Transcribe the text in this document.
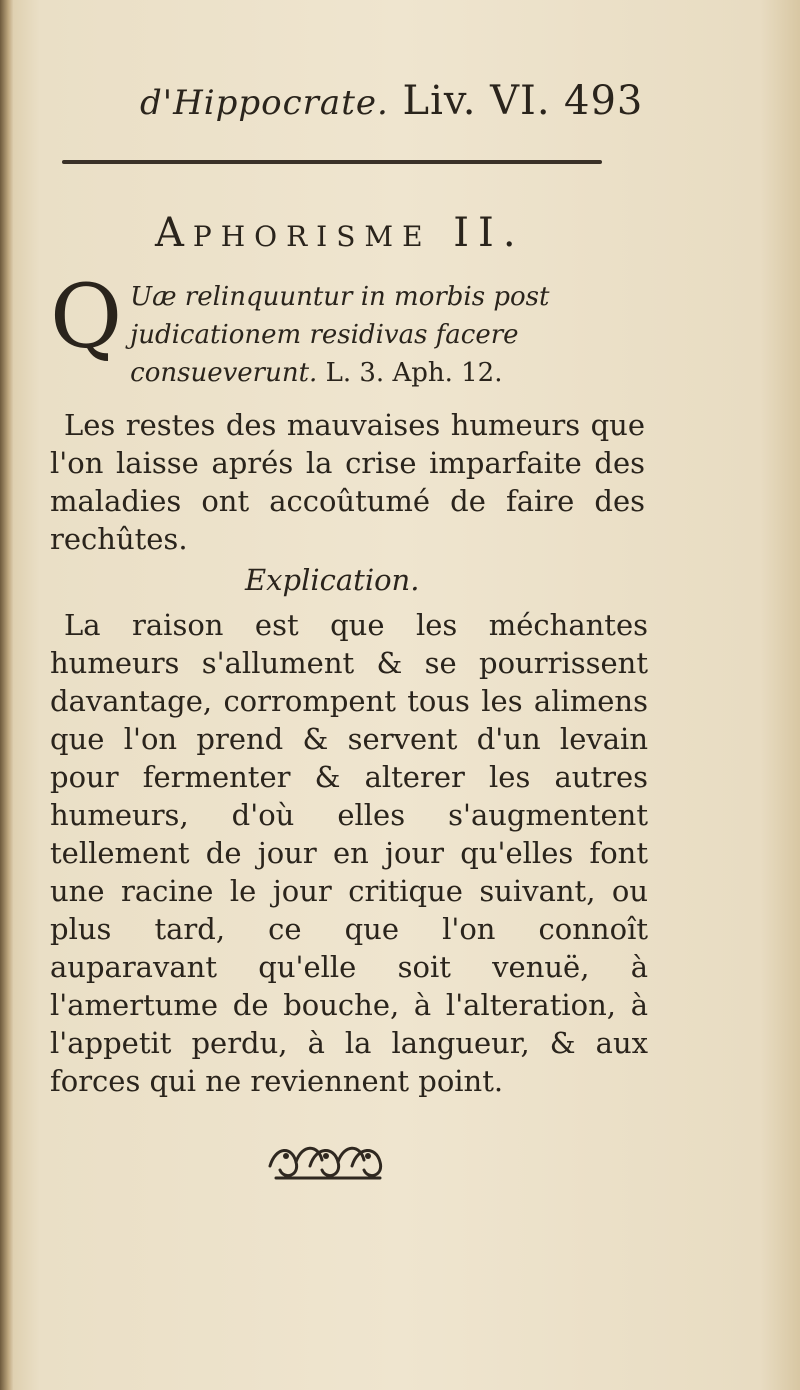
d'Hippocrate. Liv. VI. 493
Aphorisme II.
Q Uæ relinquuntur in morbis post judicationem residivas facere consueverunt. L. 3. Aph. 12.

Les restes des mauvaises humeurs que l'on laisse aprés la crise imparfaite des maladies ont accoûtumé de faire des rechûtes.

Explication.

La raison est que les méchantes humeurs s'allument & se pourrissent davantage, corrompent tous les alimens que l'on prend & servent d'un levain pour fermenter & alterer les autres humeurs, d'où elles s'augmentent tellement de jour en jour qu'elles font une racine le jour critique suivant, ou plus tard, ce que l'on connoît auparavant qu'elle soit venuë, à l'amertume de bouche, à l'alteration, à l'appetit perdu, à la langueur, & aux forces qui ne reviennent point.
